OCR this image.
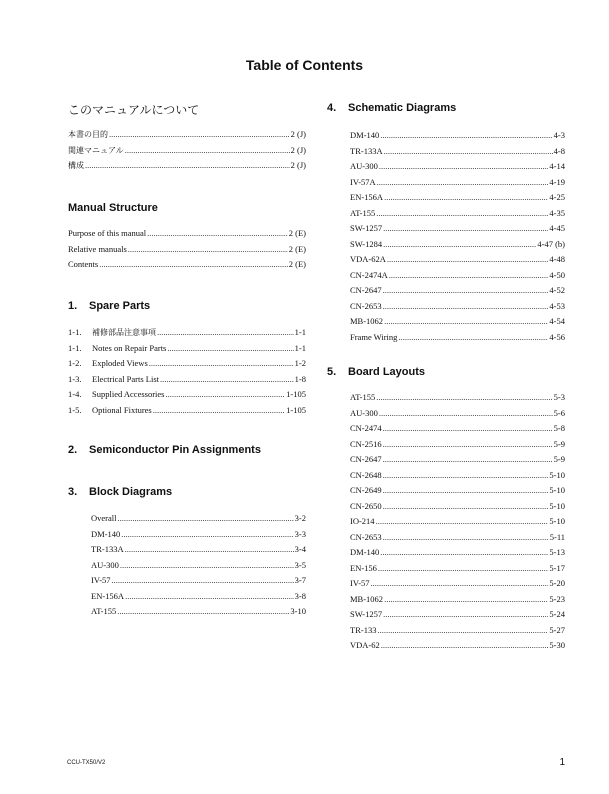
Table of Contents
このマニュアルについて
本書の目的 .....	2 (J)
関連マニュアル .....	2 (J)
構成 .....	2 (J)
Manual Structure
Purpose of this manual .....	2 (E)
Relative manuals .....	2 (E)
Contents .....	2 (E)
1. Spare Parts
1-1.	補修部品注意事項 .....	1-1
1-1.	Notes on Repair Parts .....	1-1
1-2.	Exploded Views .....	1-2
1-3.	Electrical Parts List .....	1-8
1-4.	Supplied Accessories .....	1-105
1-5.	Optional Fixtures .....	1-105
2. Semiconductor Pin Assignments
3. Block Diagrams
Overall .....	3-2
DM-140 .....	3-3
TR-133A .....	3-4
AU-300 .....	3-5
IV-57 .....	3-7
EN-156A .....	3-8
AT-155 .....	3-10
4. Schematic Diagrams
DM-140 .....	4-3
TR-133A .....	4-8
AU-300 .....	4-14
IV-57A .....	4-19
EN-156A .....	4-25
AT-155 .....	4-35
SW-1257 .....	4-45
SW-1284 .....	4-47 (b)
VDA-62A .....	4-48
CN-2474A .....	4-50
CN-2647 .....	4-52
CN-2653 .....	4-53
MB-1062 .....	4-54
Frame Wiring .....	4-56
5. Board Layouts
AT-155 .....	5-3
AU-300 .....	5-6
CN-2474 .....	5-8
CN-2516 .....	5-9
CN-2647 .....	5-9
CN-2648 .....	5-10
CN-2649 .....	5-10
CN-2650 .....	5-10
IO-214 .....	5-10
CN-2653 .....	5-11
DM-140 .....	5-13
EN-156 .....	5-17
IV-57 .....	5-20
MB-1062 .....	5-23
SW-1257 .....	5-24
TR-133 .....	5-27
VDA-62 .....	5-30
CCU-TX50/V2	1
